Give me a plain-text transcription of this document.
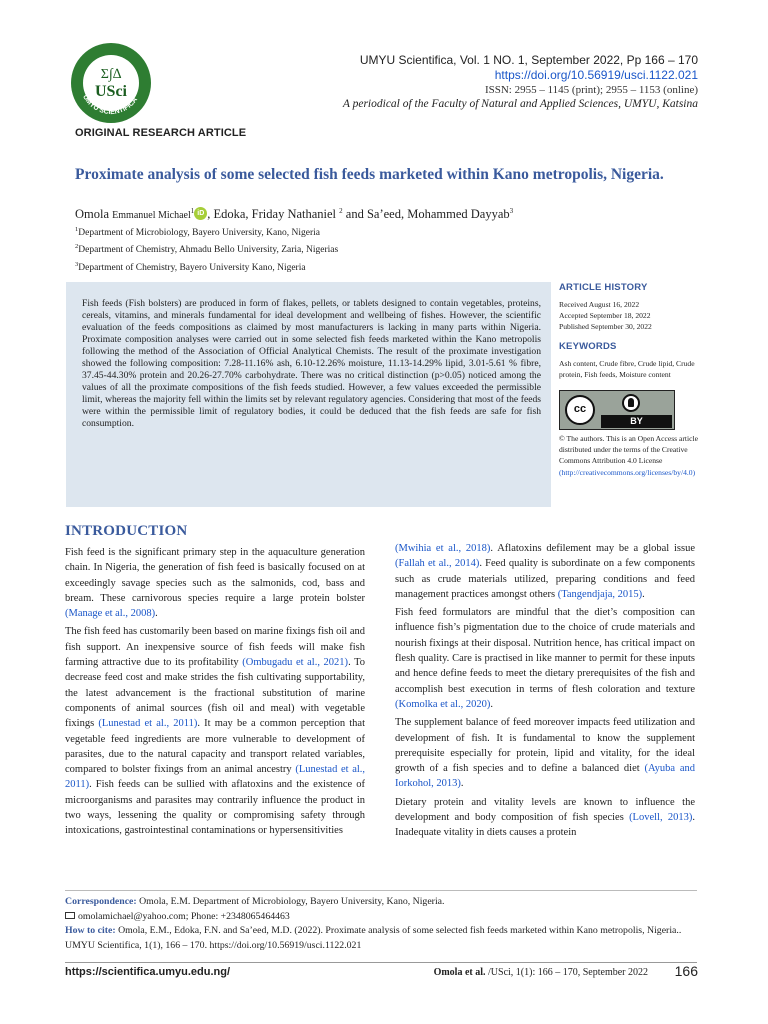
Σ∫∆
USci
UMYU SCIENTIFICA
UMYU Scientifica, Vol. 1 NO. 1, September 2022, Pp 166 – 170
https://doi.org/10.56919/usci.1122.021
ISSN: 2955 – 1145 (print); 2955 – 1153 (online)
A periodical of the Faculty of Natural and Applied Sciences, UMYU, Katsina
ORIGINAL RESEARCH ARTICLE
Proximate analysis of some selected fish feeds marketed within Kano metropolis, Nigeria.
Omola Emmanuel Michael$^1$ iD , Edoka, Friday Nathaniel $^2$ and Sa’eed, Mohammed Dayyab$^3$
$^1$Department of Microbiology, Bayero University, Kano, Nigeria
$^2$Department of Chemistry, Ahmadu Bello University, Zaria, Nigerias
$^3$Department of Chemistry, Bayero University Kano, Nigeria
Fish feeds (Fish bolsters) are produced in form of flakes, pellets, or tablets designed to contain vegetables, proteins, cereals, vitamins, and minerals fundamental for ideal development and wellbeing of fishes. However, the scientific evaluation of the feeds compositions as claimed by most manufacturers is lacking in many parts within Nigeria. Proximate composition analyses were carried out in some selected fish feeds marketed within the Kano metropolis following the method of the Association of Official Analytical Chemists. The result of the proximate investigation showed the following composition: 7.28-11.16% ash, 6.10-12.26% moisture, 11.13-14.29% lipid, 3.01-5.61 % fibre, 37.45-44.30% protein and 20.26-27.70% carbohydrate. There was no critical distinction (p>0.05) noticed among the values of all the proximate compositions of the fish feeds studied. However, a few values exceeded the permissible limit, whereas the majority fell within the limits set by relevant regulatory agencies. Considering that most of the feeds were within the permissible limit of regulatory bodies, it could be deduced that the fish feeds are safe for fish consumption.
ARTICLE HISTORY
Received August 16, 2022
Accepted September 18, 2022
Published September 30, 2022
KEYWORDS
Ash content, Crude fibre, Crude lipid, Crude protein, Fish feeds, Moisture content
cc
BY
© The authors. This is an Open Access article distributed under the terms of the Creative Commons Attribution 4.0 License (http://creativecommons.org/licenses/by/4.0)
INTRODUCTION

Fish feed is the significant primary step in the aquaculture generation chain. In Nigeria, the generation of fish feed is basically focused on at exceedingly savage species such as the salmonids, cod, bass and bream. These carnivorous species require a large protein bolster (Manage et al., 2008).

The fish feed has customarily been based on marine fixings fish oil and fish support. An inexpensive source of fish feeds will make fish farming attractive due to its profitability (Ombugadu et al., 2021). To decrease feed cost and make strides the fish cultivating supportability, the latest advancement is the fractional substitution of marine components of animal sources (fish oil and meal) with vegetable fixings (Lunestad et al., 2011). It may be a common perception that vegetable feed ingredients are more vulnerable to development of parasites, due to the natural capacity and transport related variables, compared to bolster fixings from an animal ancestry (Lunestad et al., 2011). Fish feeds can be sullied with aflatoxins and the existence of microorganisms and parasites may contrarily influence the product in two ways, lessening the quality or compromising safety through intoxications, gastrointestinal contaminations or hypersensitivities

(Mwihia et al., 2018). Aflatoxins defilement may be a global issue (Fallah et al., 2014). Feed quality is subordinate on a few components such as crude materials utilized, preparing conditions and feed management practices amongst others (Tangendjaja, 2015).

Fish feed formulators are mindful that the diet’s composition can influence fish’s pigmentation due to the choice of crude materials and nourish fixings at their disposal. Nutrition hence, has critical impact on flesh quality. Care is practised in like manner to permit for these inputs and hence define feeds to meet the dietary prerequisites of the fish and accomplish best execution in terms of flesh coloration and texture (Komolka et al., 2020).

The supplement balance of feed moreover impacts feed utilization and development of fish. It is fundamental to know the supplement prerequisite especially for protein, lipid and vitality, for the ideal growth of a fish species and to define a balanced diet (Ayuba and Iorkohol, 2013).

Dietary protein and vitality levels are known to influence the development and body composition of fish species (Lovell, 2013). Inadequate vitality in diets causes a protein

Correspondence: Omola, E.M. Department of Microbiology, Bayero University, Kano, Nigeria.
omolamichael@yahoo.com; Phone: +2348065464463
How to cite: Omola, E.M., Edoka, F.N. and Sa’eed, M.D. (2022). Proximate analysis of some selected fish feeds marketed within Kano metropolis, Nigeria.. UMYU Scientifica, 1(1), 166 – 170. https://doi.org/10.56919/usci.1122.021
https://scientifica.umyu.edu.ng/	Omola et al. /USci, 1(1): 166 – 170, September 2022 166
